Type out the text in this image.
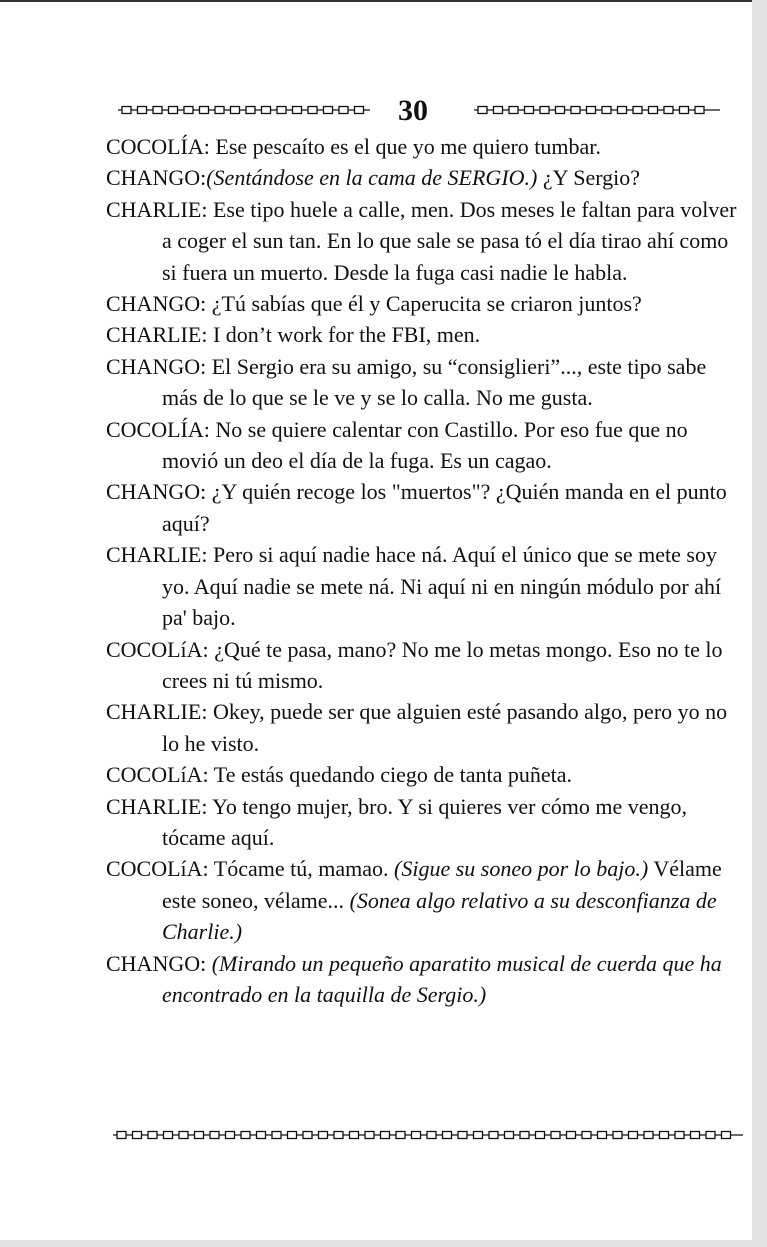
30

COCOLÍA: Ese pescaíto es el que yo me quiero tumbar.

CHANGO:(Sentándose en la cama de SERGIO.) ¿Y Sergio?

CHARLIE: Ese tipo huele a calle, men. Dos meses le faltan para volver a coger el sun tan. En lo que sale se pasa tó el día tirao ahí como si fuera un muerto. Desde la fuga casi nadie le habla.

CHANGO: ¿Tú sabías que él y Caperucita se criaron juntos?

CHARLIE: I don’t work for the FBI, men.

CHANGO: El Sergio era su amigo, su “consiglieri”..., este tipo sabe más de lo que se le ve y se lo calla. No me gusta.

COCOLÍA: No se quiere calentar con Castillo. Por eso fue que no movió un deo el día de la fuga. Es un cagao.

CHANGO: ¿Y quién recoge los "muertos"? ¿Quién manda en el punto aquí?

CHARLIE: Pero si aquí nadie hace ná. Aquí el único que se mete soy yo. Aquí nadie se mete ná. Ni aquí ni en ningún módulo por ahí pa' bajo.

COCOLíA: ¿Qué te pasa, mano? No me lo metas mongo. Eso no te lo crees ni tú mismo.

CHARLIE: Okey, puede ser que alguien esté pasando algo, pero yo no lo he visto.

COCOLíA: Te estás quedando ciego de tanta puñeta.

CHARLIE: Yo tengo mujer, bro. Y si quieres ver cómo me vengo, tócame aquí.

COCOLíA: Tócame tú, mamao. (Sigue su soneo por lo bajo.) Vélame este soneo, vélame... (Sonea algo relativo a su desconfianza de Charlie.)

CHANGO: (Mirando un pequeño aparatito musical de cuerda que ha encontrado en la taquilla de Sergio.)
